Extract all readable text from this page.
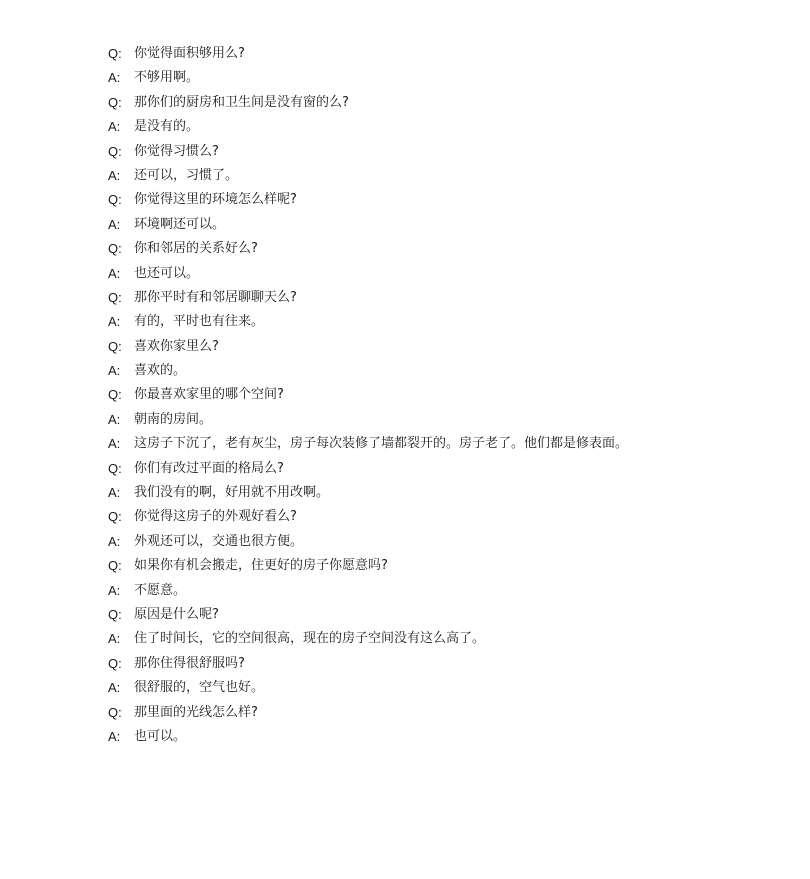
Q: 你觉得面积够用么?
A:	不够用啊。
Q: 那你们的厨房和卫生间是没有窗的么?
A:	是没有的。
Q: 你觉得习惯么?
A:	还可以，习惯了。
Q: 你觉得这里的环境怎么样呢?
A:	环境啊还可以。
Q: 你和邻居的关系好么?
A:	也还可以。
Q: 那你平时有和邻居聊聊天么?
A:	有的，平时也有往来。
Q: 喜欢你家里么?
A:	喜欢的。
Q: 你最喜欢家里的哪个空间?
A:	朝南的房间。
A:	这房子下沉了，老有灰尘，房子每次装修了墙都裂开的。房子老了。他们都是修表面。
Q: 你们有改过平面的格局么?
A:	我们没有的啊，好用就不用改啊。
Q: 你觉得这房子的外观好看么?
A:	外观还可以，交通也很方便。
Q: 如果你有机会搬走，住更好的房子你愿意吗?
A:	不愿意。
Q: 原因是什么呢?
A:	住了时间长，它的空间很高，现在的房子空间没有这么高了。
Q: 那你住得很舒服吗?
A:	很舒服的，空气也好。
Q: 那里面的光线怎么样?
A:	也可以。
